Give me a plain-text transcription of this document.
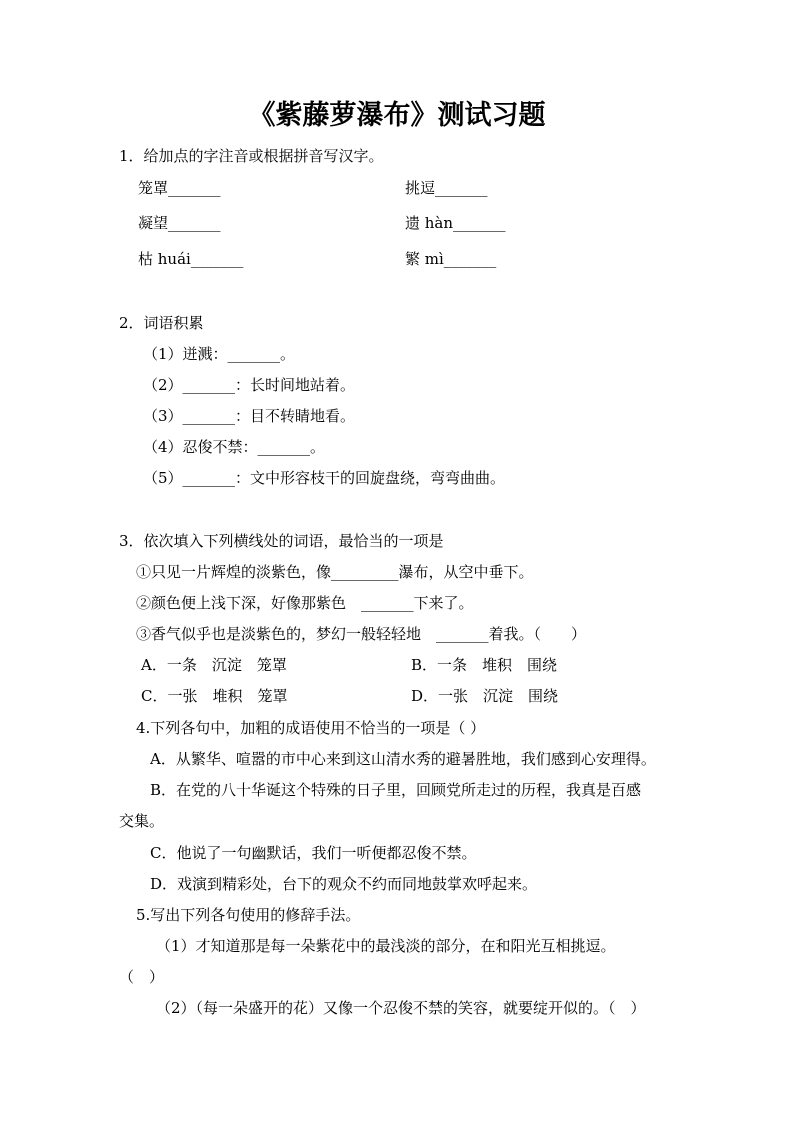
《紫藤萝瀑布》测试习题
1．给加点的字注音或根据拼音写汉字。
笼罩_______	挑逗_______
凝望_______	遗 hàn_______
枯 huái_______	繁 mì_______
2．词语积累
（1）迸溅：_______。
（2）_______：长时间地站着。
（3）_______：目不转睛地看。
（4）忍俊不禁：_______。
（5）_______：文中形容枝干的回旋盘绕，弯弯曲曲。
3．依次填入下列横线处的词语，最恰当的一项是
①只见一片辉煌的淡紫色，像_________瀑布，从空中垂下。
②颜色便上浅下深，好像那紫色　_______下来了。
③香气似乎也是淡紫色的，梦幻一般轻轻地　_______着我。（　　）
A．一条　沉淀　笼罩	B．一条　堆积　围绕
C．一张　堆积　笼罩	D．一张　沉淀　围绕
4.下列各句中，加粗的成语使用不恰当的一项是（ ）
A．从繁华、喧嚣的市中心来到这山清水秀的避暑胜地，我们感到心安理得。
B．在党的八十华诞这个特殊的日子里，回顾党所走过的历程，我真是百感
交集。
C．他说了一句幽默话，我们一听便都忍俊不禁。
D．戏演到精彩处，台下的观众不约而同地鼓掌欢呼起来。
5.写出下列各句使用的修辞手法。
（1）才知道那是每一朵紫花中的最浅淡的部分，在和阳光互相挑逗。
（　）
（2）（每一朵盛开的花）又像一个忍俊不禁的笑容，就要绽开似的。（　）
